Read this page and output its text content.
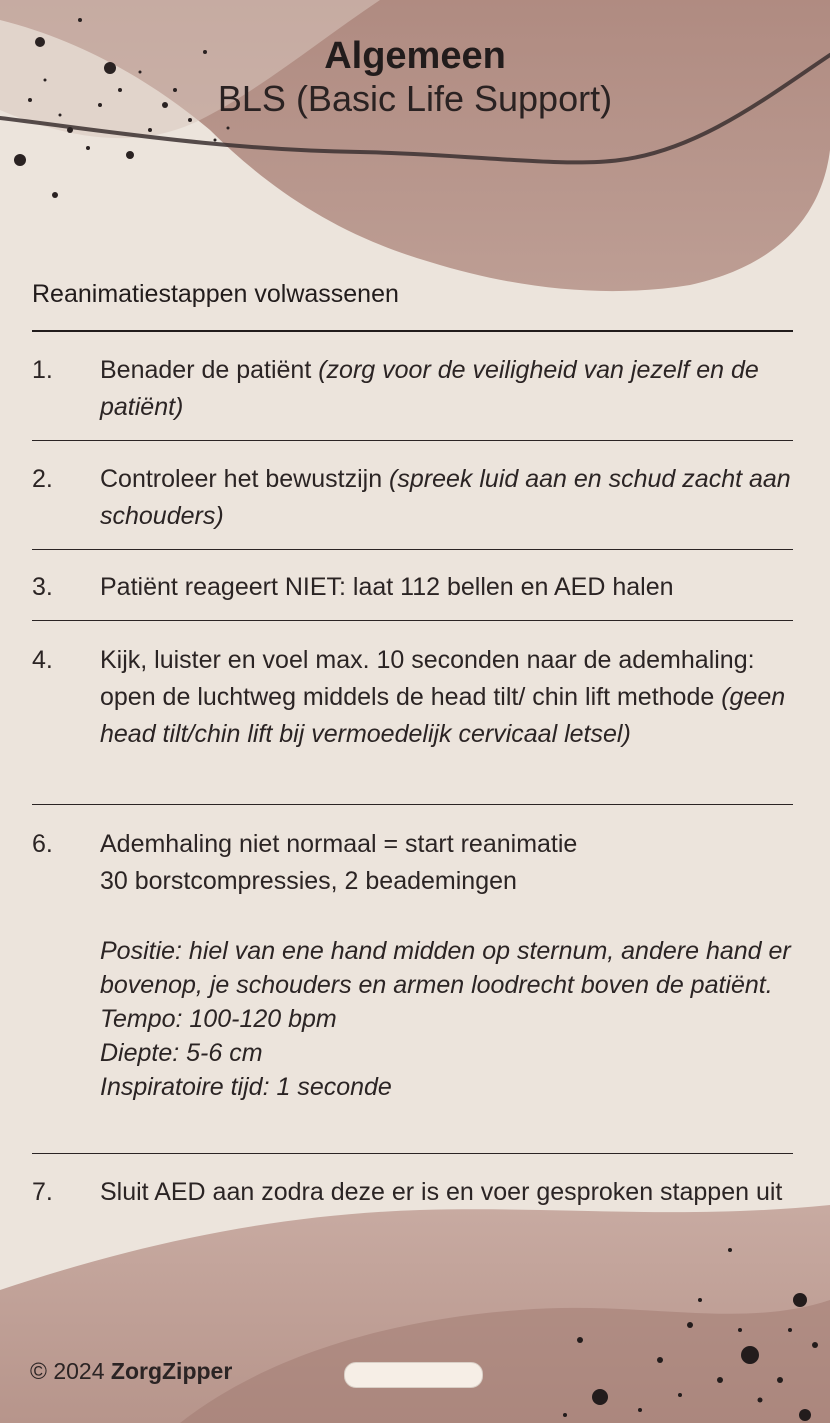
Algemeen
BLS (Basic Life Support)
Reanimatiestappen volwassenen
1.	Benader de patiënt (zorg voor de veiligheid van jezelf en de patiënt)
2.	Controleer het bewustzijn (spreek luid aan en schud zacht aan schouders)
3.	Patiënt reageert NIET: laat 112 bellen en AED halen
4.	Kijk, luister en voel max. 10 seconden naar de ademhaling: open de luchtweg middels de head tilt/ chin lift methode (geen head tilt/chin lift bij vermoedelijk cervicaal letsel)
6.	Ademhaling niet normaal = start reanimatie
30 borstcompressies, 2 beademingen
Positie: hiel van ene hand midden op sternum, andere hand er bovenop, je schouders en armen loodrecht boven de patiënt.
Tempo: 100-120 bpm
Diepte: 5-6 cm
Inspiratoire tijd: 1 seconde
7.	Sluit AED aan zodra deze er is en voer gesproken stappen uit
© 2024 ZorgZipper
